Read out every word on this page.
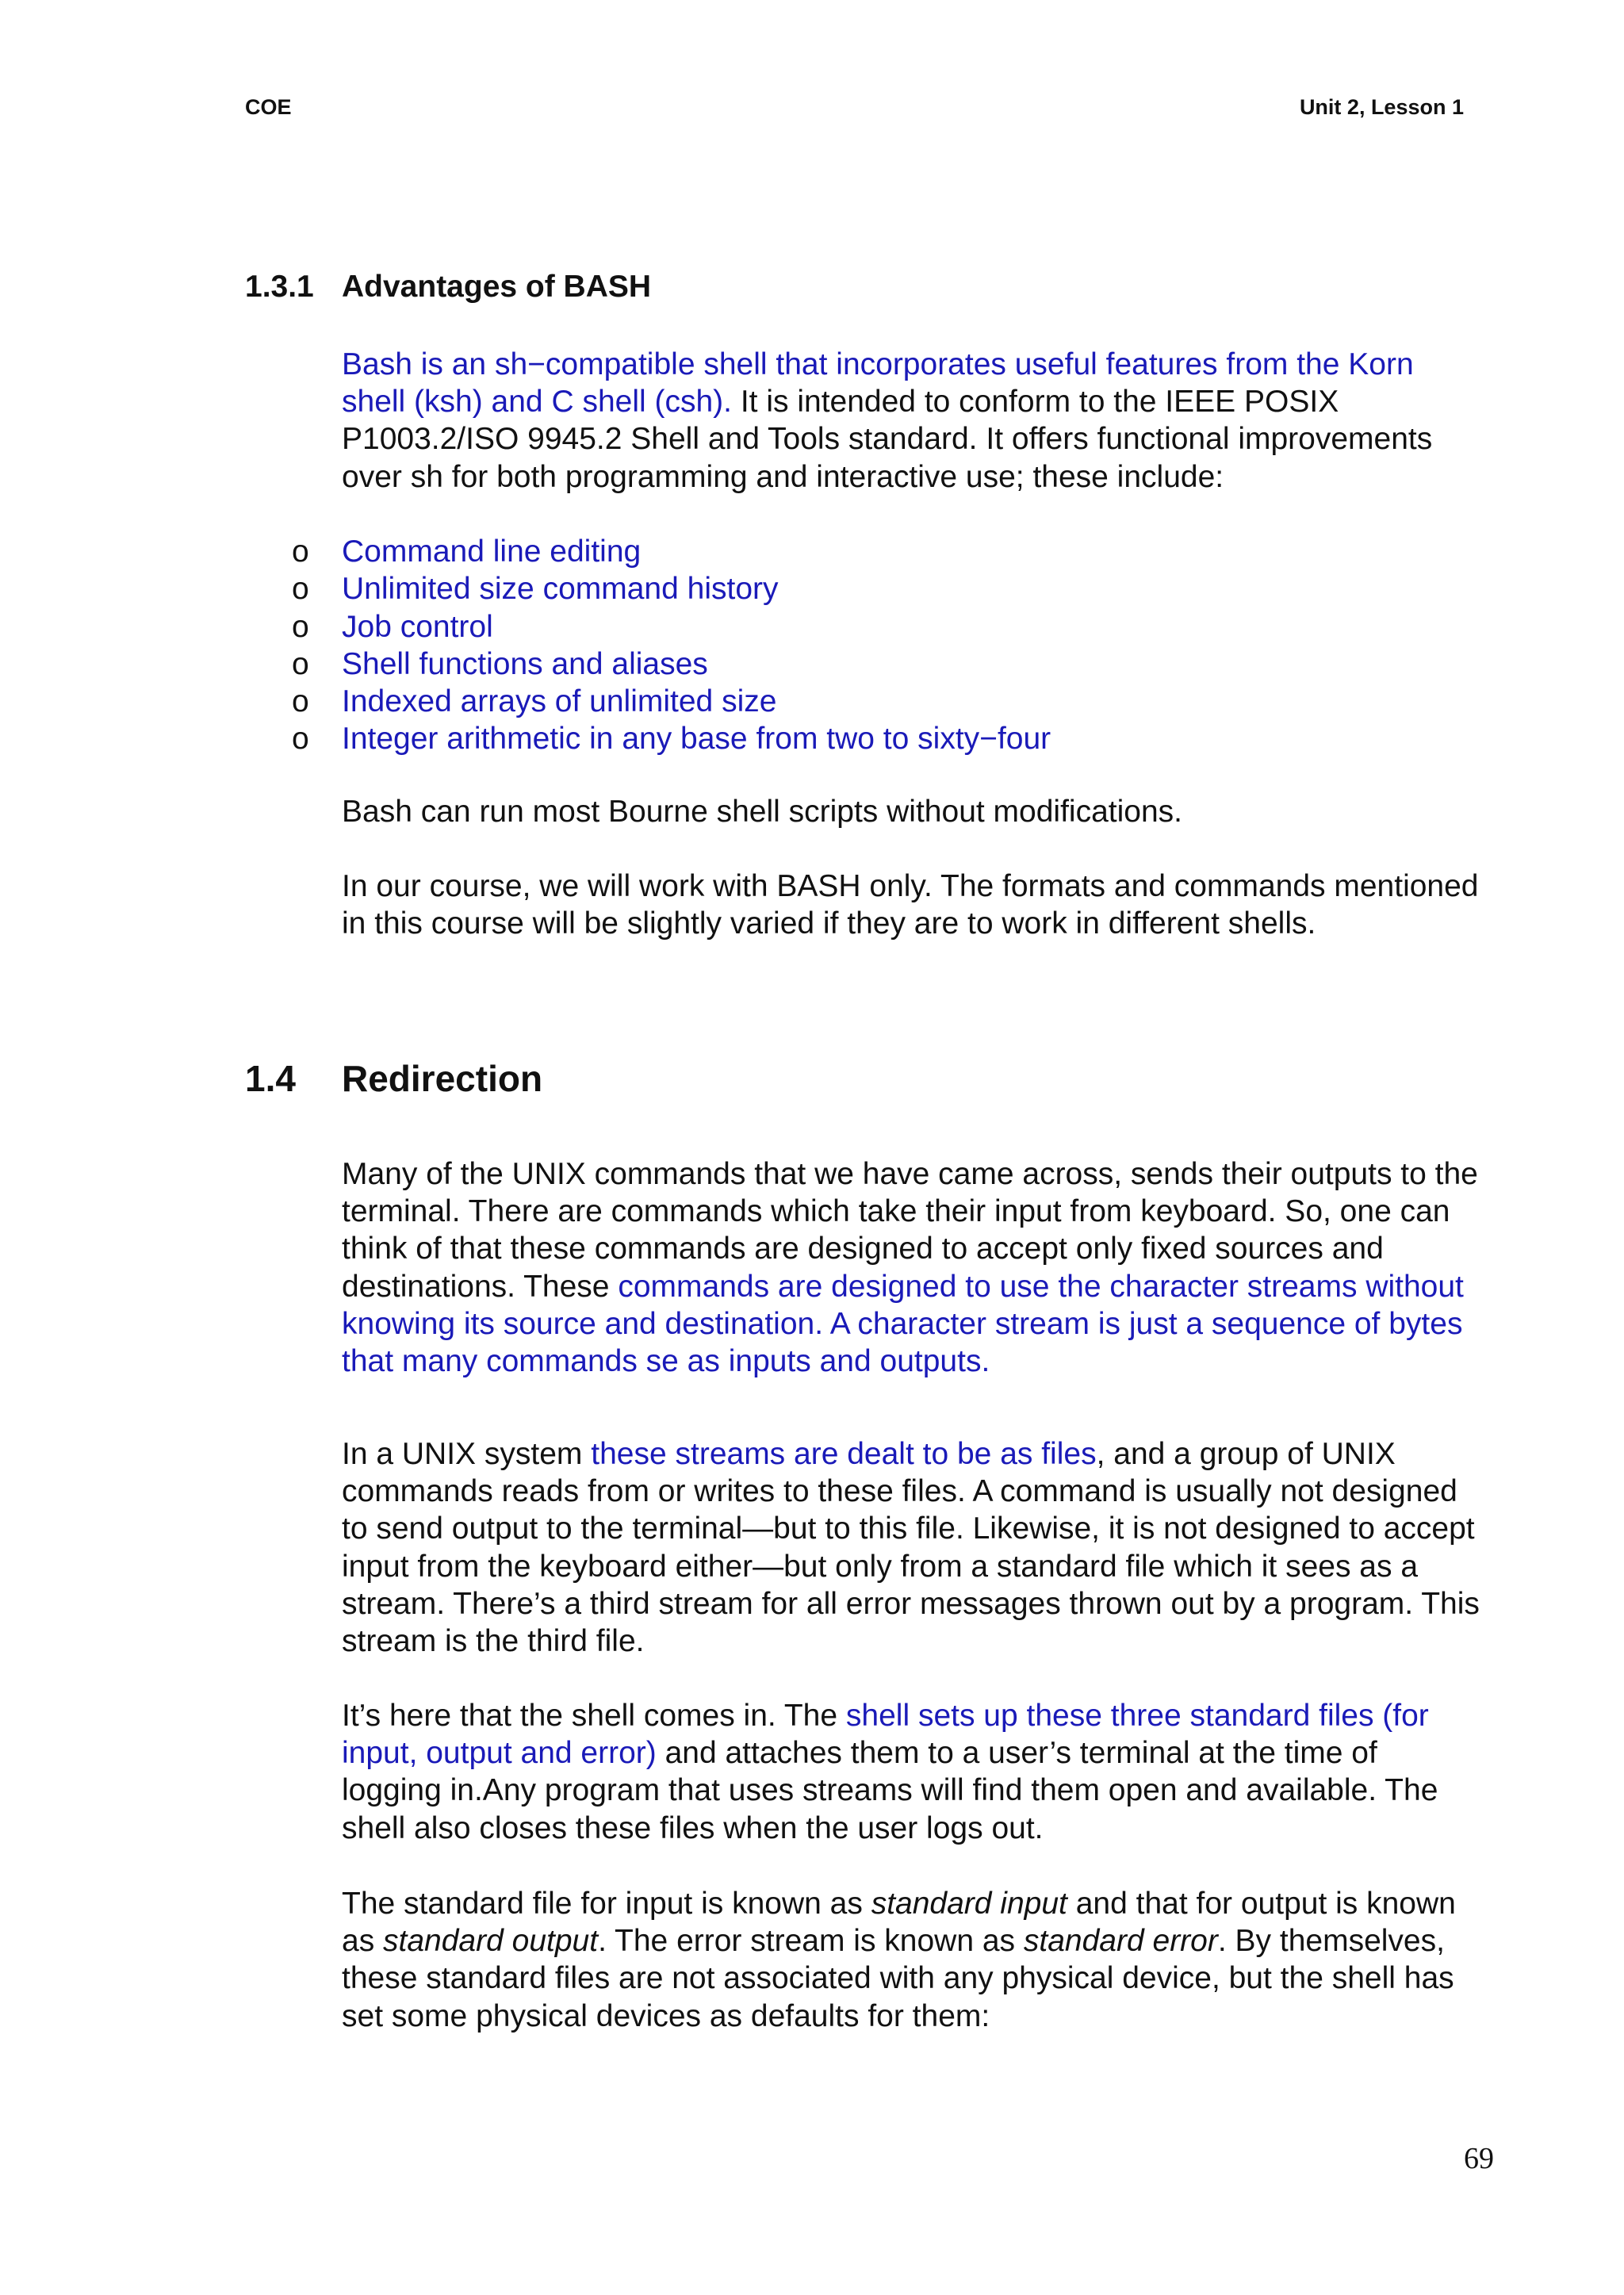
COE	Unit 2, Lesson 1
1.3.1 Advantages of BASH

Bash is an sh−compatible shell that incorporates useful features from the Korn shell (ksh) and C shell (csh). It is intended to conform to the IEEE POSIX P1003.2/ISO 9945.2 Shell and Tools standard. It offers functional improvements over sh for both programming and interactive use; these include:

o Command line editing
o Unlimited size command history
o Job control
o Shell functions and aliases
o Indexed arrays of unlimited size
o Integer arithmetic in any base from two to sixty−four

Bash can run most Bourne shell scripts without modifications.

In our course, we will work with BASH only. The formats and commands mentioned in this course will be slightly varied if they are to work in different shells.

1.4 Redirection

Many of the UNIX commands that we have came across, sends their outputs to the terminal. There are commands which take their input from keyboard. So, one can think of that these commands are designed to accept only fixed sources and destinations. These commands are designed to use the character streams without knowing its source and destination. A character stream is just a sequence of bytes that many commands se as inputs and outputs.

In a UNIX system these streams are dealt to be as files, and a group of UNIX commands reads from or writes to these files. A command is usually not designed to send output to the terminal—but to this file. Likewise, it is not designed to accept input from the keyboard either—but only from a standard file which it sees as a stream. There’s a third stream for all error messages thrown out by a program. This stream is the third file.

It’s here that the shell comes in. The shell sets up these three standard files (for input, output and error) and attaches them to a user’s terminal at the time of logging in.Any program that uses streams will find them open and available. The shell also closes these files when the user logs out.

The standard file for input is known as standard input and that for output is known as standard output. The error stream is known as standard error. By themselves, these standard files are not associated with any physical device, but the shell has set some physical devices as defaults for them:

69
